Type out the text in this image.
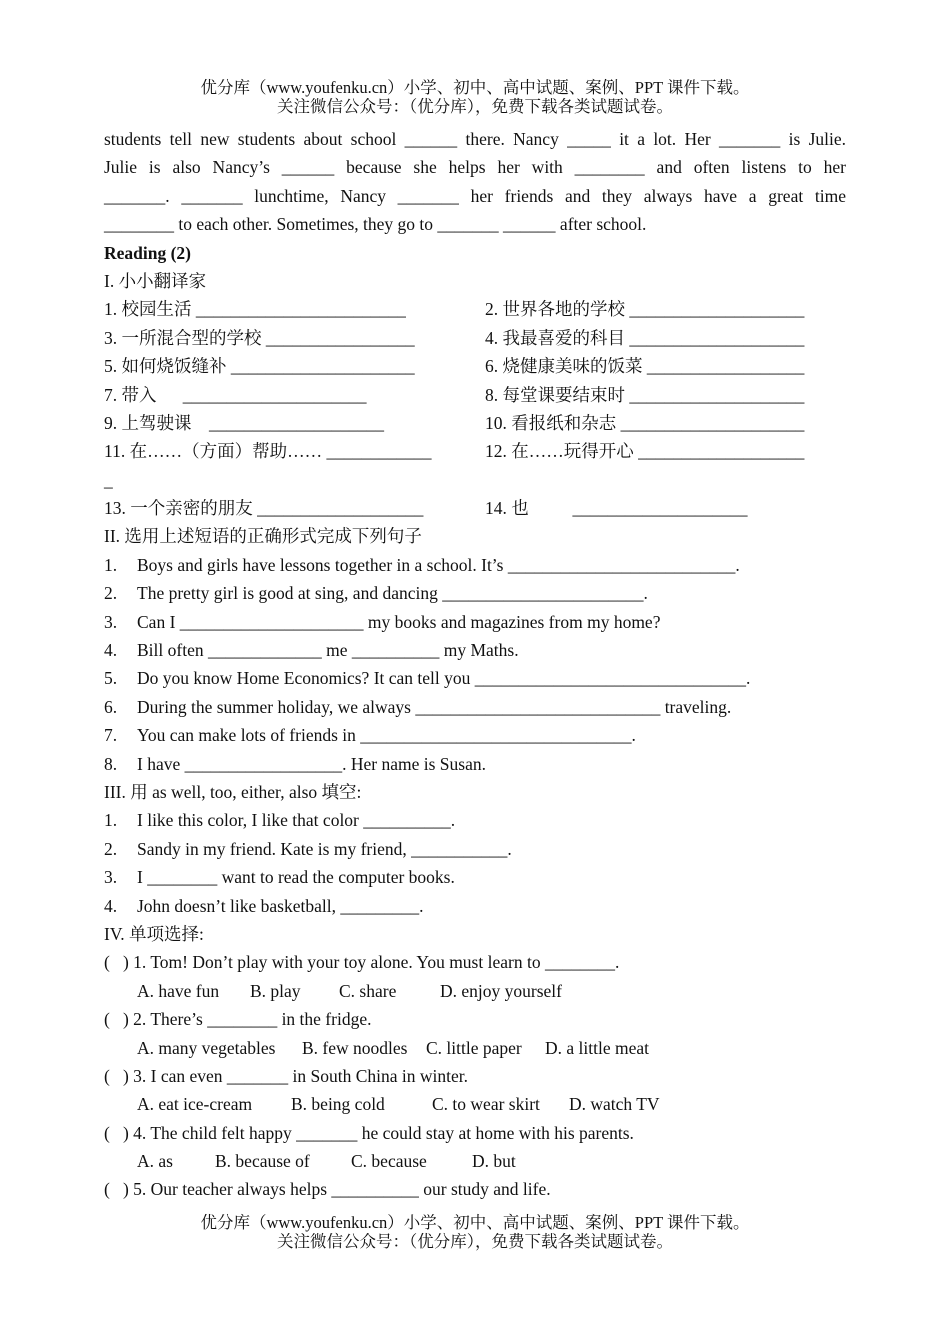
优分库（www.youfenku.cn）小学、初中、高中试题、案例、PPT 课件下载。
关注微信公众号：（优分库），免费下载各类试题试卷。
students tell new students about school ______ there. Nancy _____ it a lot. Her _______ is Julie.
Julie is also Nancy’s ______ because she helps her with ________ and often listens to her
_______. _______ lunchtime, Nancy _______ her friends and they always have a great time
________ to each other. Sometimes, they go to _______ ______ after school.
Reading (2)
I. 小小翻译家
1. 校园生活 ________________________	2. 世界各地的学校 ____________________
3. 一所混合型的学校 _________________	4. 我最喜爱的科目 ____________________
5. 如何烧饭缝补 _____________________	6. 烧健康美味的饭菜 __________________
7. 带入      _____________________	8. 每堂课要结束时 ____________________
9. 上驾驶课    ____________________	10. 看报纸和杂志 _____________________
11. 在……（方面）帮助…… ____________	12. 在……玩得开心 ___________________
_
13. 一个亲密的朋友 ___________________	14. 也          ____________________
II. 选用上述短语的正确形式完成下列句子
1. Boys and girls have lessons together in a school. It’s __________________________.
2. The pretty girl is good at sing, and dancing _______________________.
3. Can I _____________________ my books and magazines from my home?
4. Bill often _____________ me __________ my Maths.
5. Do you know Home Economics? It can tell you _______________________________.
6. During the summer holiday, we always ____________________________ traveling.
7. You can make lots of friends in _______________________________.
8. I have __________________. Her name is Susan.
III. 用 as well, too, either, also 填空:
1. I like this color, I like that color __________.
2. Sandy in my friend. Kate is my friend, ___________.
3. I ________ want to read the computer books.
4. John doesn’t like basketball, _________.
IV. 单项选择:
(   ) 1. Tom! Don’t play with your toy alone. You must learn to ________.
A. have fun B. play C. share D. enjoy yourself
(   ) 2. There’s ________ in the fridge.
A. many vegetables B. few noodles C. little paper D. a little meat
(   ) 3. I can even _______ in South China in winter.
A. eat ice-cream B. being cold	C. to wear skirt D. watch TV
(   ) 4. The child felt happy _______ he could stay at home with his parents.
A. as B. because of C. because	D. but
(   ) 5. Our teacher always helps __________ our study and life.
优分库（www.youfenku.cn）小学、初中、高中试题、案例、PPT 课件下载。
关注微信公众号：（优分库），免费下载各类试题试卷。
